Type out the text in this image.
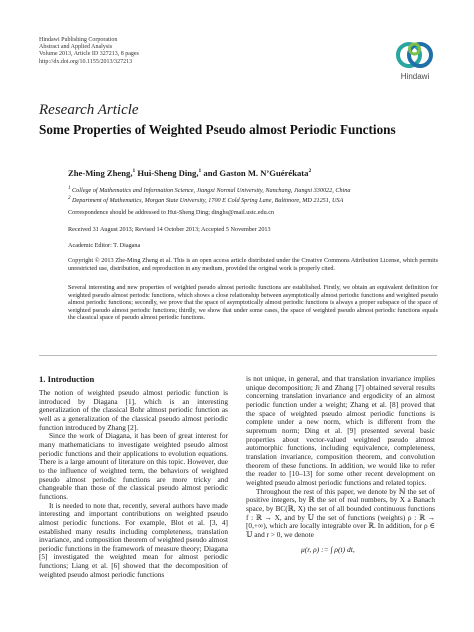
Hindawi Publishing Corporation
Abstract and Applied Analysis
Volume 2013, Article ID 327213, 8 pages
http://dx.doi.org/10.1155/2013/327213
Hindawi
Research Article
Some Properties of Weighted Pseudo almost Periodic Functions
Zhe-Ming Zheng,$^1$ Hui-Sheng Ding,$^1$ and Gaston M. N’Guérékata$^2$
$^1$ College of Mathematics and Information Science, Jiangxi Normal University, Nanchang, Jiangxi 330022, China
$^2$ Department of Mathematics, Morgan State University, 1700 E Cold Spring Lane, Baltimore, MD 21251, USA
Correspondence should be addressed to Hui-Sheng Ding; dinghs@mail.ustc.edu.cn
Received 31 August 2013; Revised 14 October 2013; Accepted 5 November 2013
Academic Editor: T. Diagana
Copyright © 2013 Zhe-Ming Zheng et al. This is an open access article distributed under the Creative Commons Attribution License, which permits unrestricted use, distribution, and reproduction in any medium, provided the original work is properly cited.
Several interesting and new properties of weighted pseudo almost periodic functions are established. Firstly, we obtain an equivalent definition for weighted pseudo almost periodic functions, which shows a close relationship between asymptotically almost periodic functions and weighted pseudo almost periodic functions; secondly, we prove that the space of asymptotically almost periodic functions is always a proper subspace of the space of weighted pseudo almost periodic functions; thirdly, we show that under some cases, the space of weighted pseudo almost periodic functions equals the classical space of pseudo almost periodic functions.
1. Introduction

The notion of weighted pseudo almost periodic function is introduced by Diagana [1], which is an interesting generalization of the classical Bohr almost periodic function as well as a generalization of the classical pseudo almost periodic function introduced by Zhang [2].

Since the work of Diagana, it has been of great interest for many mathematicians to investigate weighted pseudo almost periodic functions and their applications to evolution equations. There is a large amount of literature on this topic. However, due to the influence of weighted term, the behaviors of weighted pseudo almost periodic functions are more tricky and changeable than those of the classical pseudo almost periodic functions.

It is needed to note that, recently, several authors have made interesting and important contributions on weighted pseudo almost periodic functions. For example, Blot et al. [3, 4] established many results including completeness, translation invariance, and composition theorem of weighted pseudo almost periodic functions in the framework of measure theory; Diagana [5] investigated the weighted mean for almost periodic functions; Liang et al. [6] showed that the decomposition of weighted pseudo almost periodic functions

is not unique, in general, and that translation invariance implies unique decomposition; Ji and Zhang [7] obtained several results concerning translation invariance and ergodicity of an almost periodic function under a weight; Zhang et al. [8] proved that the space of weighted pseudo almost periodic functions is complete under a new norm, which is different from the supremum norm; Ding et al. [9] presented several basic properties about vector-valued weighted pseudo almost automorphic functions, including equivalence, completeness, translation invariance, composition theorem, and convolution theorem of these functions. In addition, we would like to refer the reader to [10–13] for some other recent development on weighted pseudo almost periodic functions and related topics.

Throughout the rest of this paper, we denote by ℕ the set of positive integers, by ℝ the set of real numbers, by X a Banach space, by BC(ℝ, X) the set of all bounded continuous functions f : ℝ → X, and by 𝕌 the set of functions (weights) ρ : ℝ → [0,+∞), which are locally integrable over ℝ. In addition, for ρ ∈ 𝕌 and r > 0, we denote

μ(r, ρ) := ∫ ρ(t) dt,
